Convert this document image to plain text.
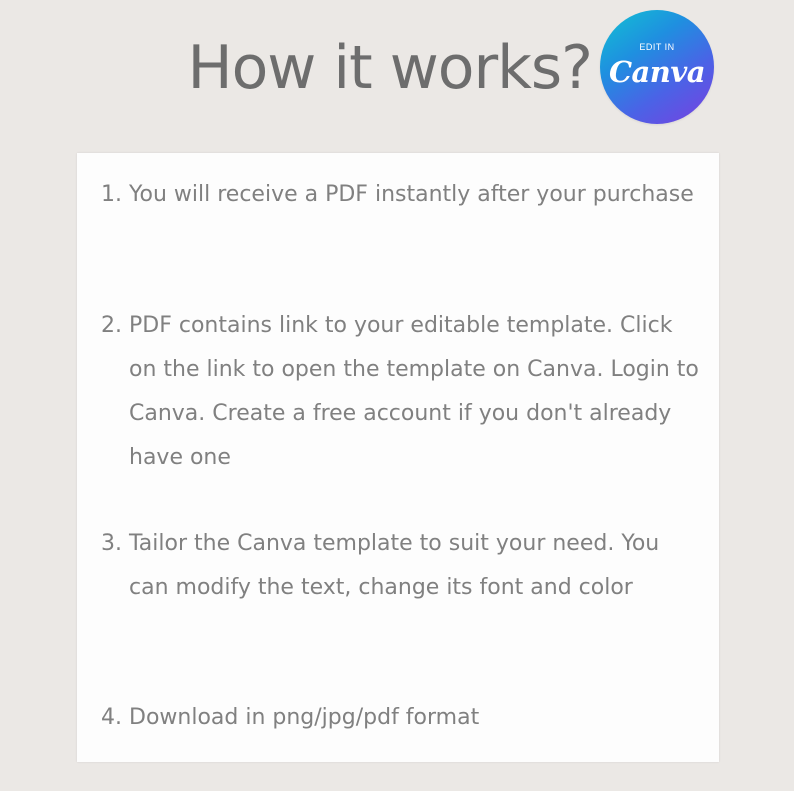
How it works?	EDIT IN
Canva
1. You will receive a PDF instantly after your purchase
2. PDF contains link to your editable template. Click on the link to open the template on Canva. Login to Canva. Create a free account if you don't already have one
3. Tailor the Canva template to suit your need. You can modify the text, change its font and color
4. Download in png/jpg/pdf format
